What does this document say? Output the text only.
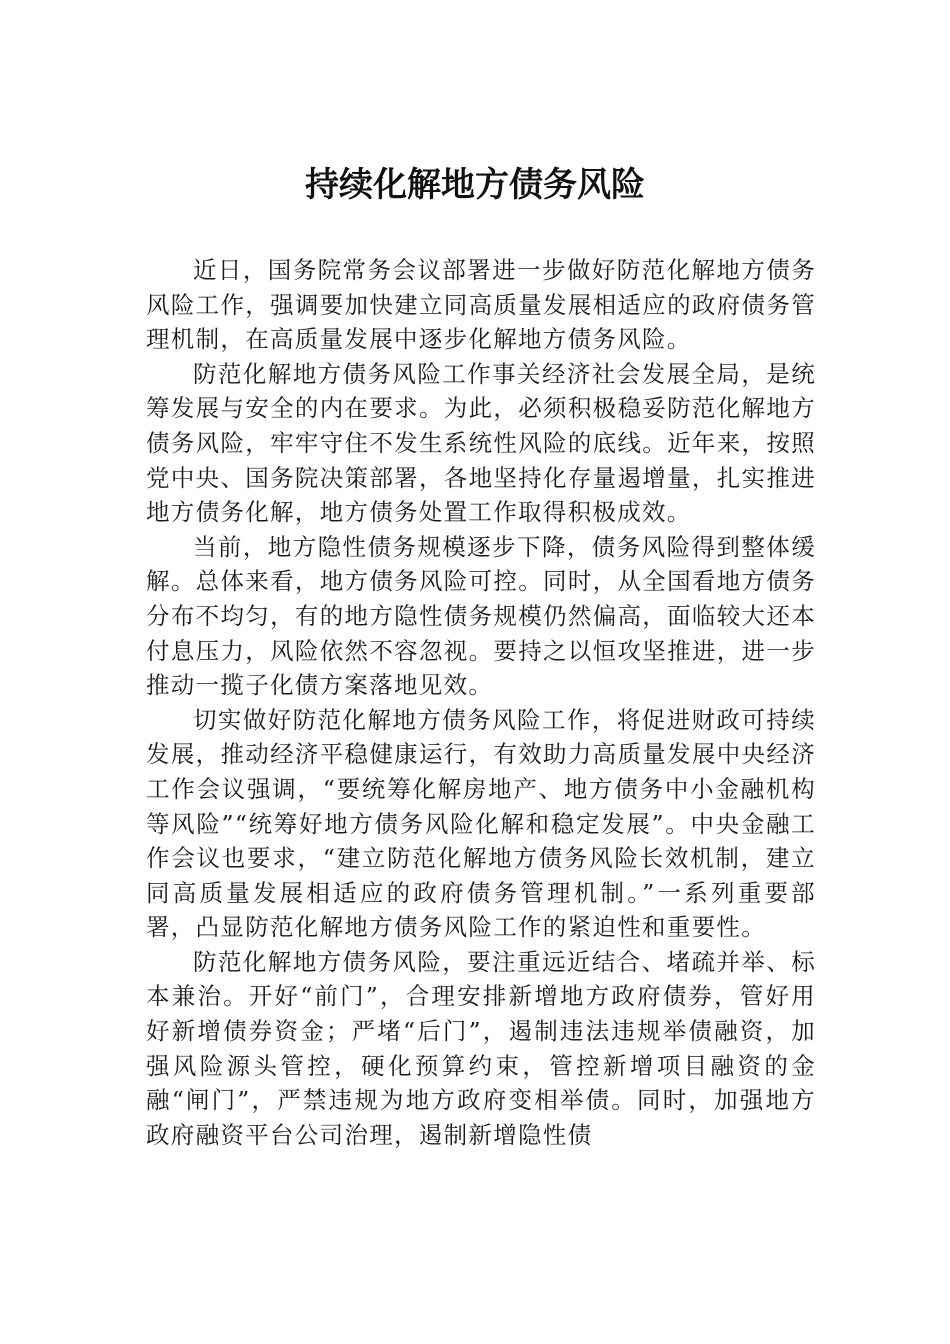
持续化解地方债务风险

近日，国务院常务会议部署进一步做好防范化解地方债务风险工作，强调要加快建立同高质量发展相适应的政府债务管理机制，在高质量发展中逐步化解地方债务风险。

防范化解地方债务风险工作事关经济社会发展全局，是统筹发展与安全的内在要求。为此，必须积极稳妥防范化解地方债务风险，牢牢守住不发生系统性风险的底线。近年来，按照党中央、国务院决策部署，各地坚持化存量遏增量，扎实推进地方债务化解，地方债务处置工作取得积极成效。

当前，地方隐性债务规模逐步下降，债务风险得到整体缓解。总体来看，地方债务风险可控。同时，从全国看地方债务分布不均匀，有的地方隐性债务规模仍然偏高，面临较大还本付息压力，风险依然不容忽视。要持之以恒攻坚推进，进一步推动一揽子化债方案落地见效。

切实做好防范化解地方债务风险工作，将促进财政可持续发展，推动经济平稳健康运行，有效助力高质量发展中央经济工作会议强调，“要统筹化解房地产、地方债务中小金融机构等风险”“统筹好地方债务风险化解和稳定发展”。中央金融工作会议也要求，“建立防范化解地方债务风险长效机制，建立同高质量发展相适应的政府债务管理机制。”一系列重要部署，凸显防范化解地方债务风险工作的紧迫性和重要性。

防范化解地方债务风险，要注重远近结合、堵疏并举、标本兼治。开好“前门”，合理安排新增地方政府债券，管好用好新增债券资金；严堵“后门”，遏制违法违规举债融资，加强风险源头管控，硬化预算约束，管控新增项目融资的金融“闸门”，严禁违规为地方政府变相举债。同时，加强地方政府融资平台公司治理，遏制新增隐性债
